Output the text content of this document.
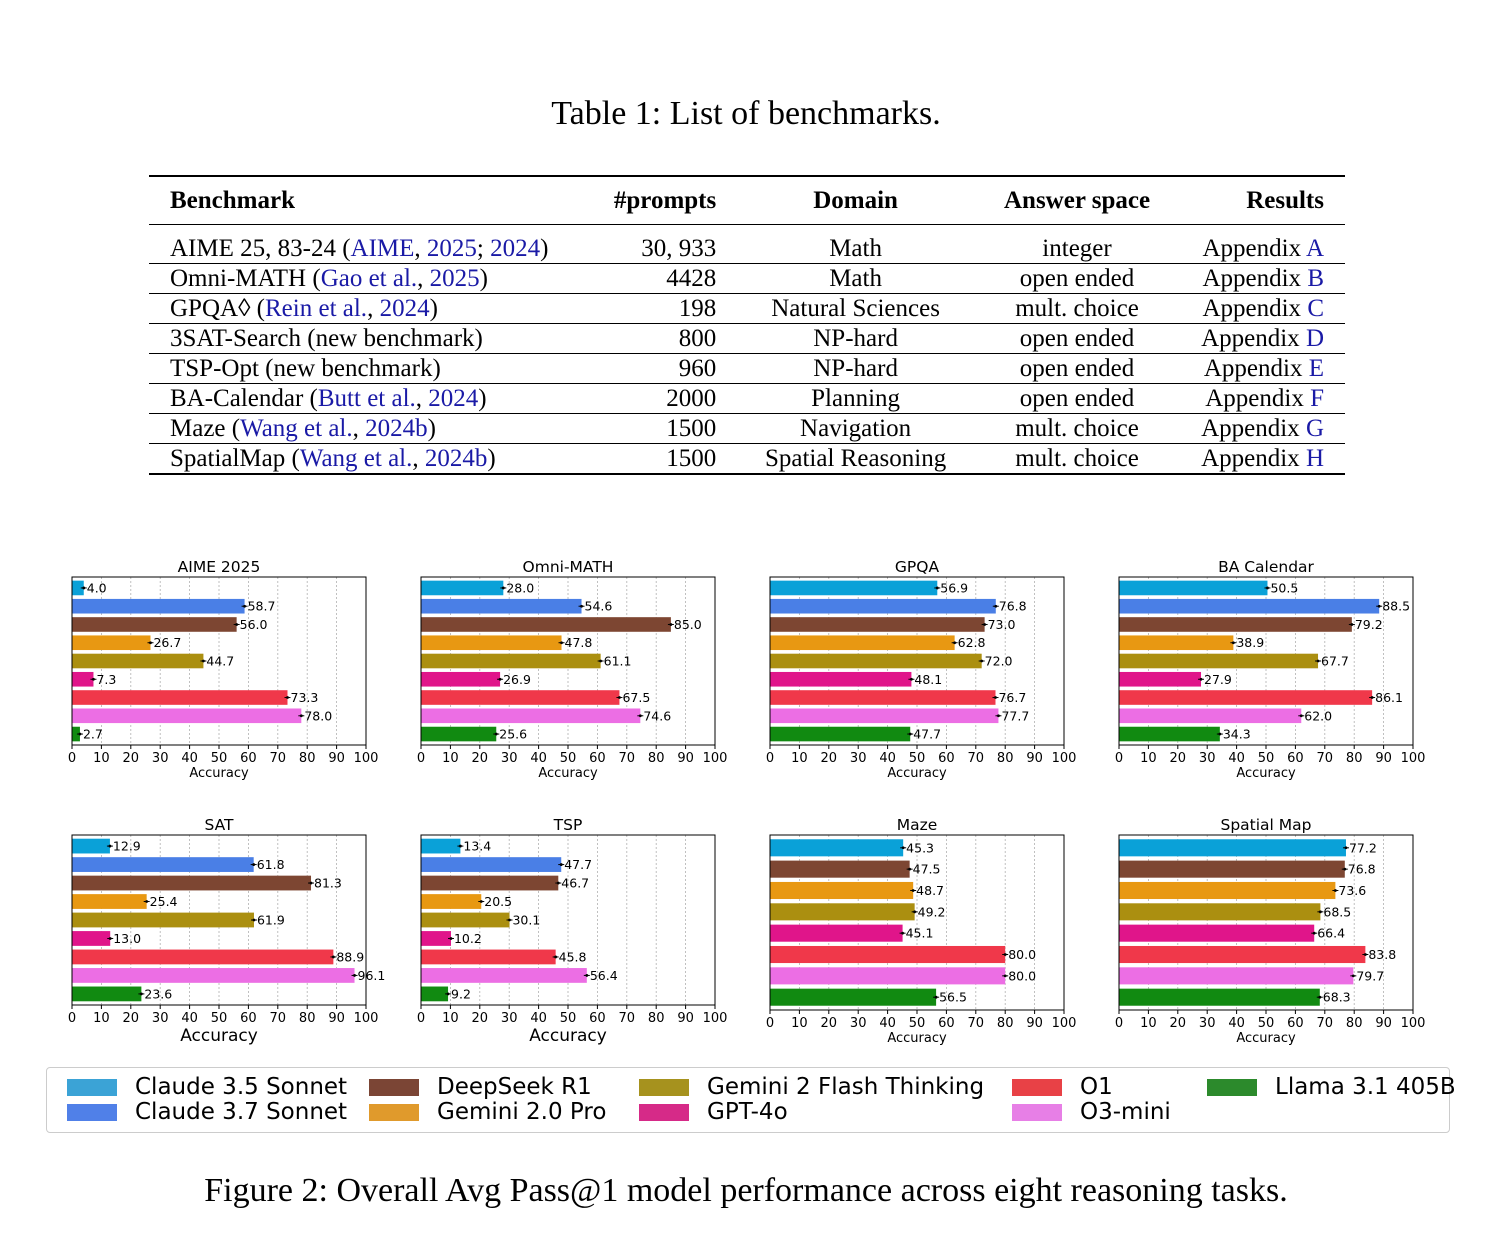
Table 1: List of benchmarks.
Benchmark	#prompts	Domain	Answer space	Results
AIME 25, 83-24 (AIME, 2025; 2024)	30, 933	Math	integer	Appendix A
Omni-MATH (Gao et al., 2025)	4428	Math	open ended	Appendix B
GPQA◊ (Rein et al., 2024)	198	Natural Sciences	mult. choice	Appendix C
3SAT-Search (new benchmark)	800	NP-hard	open ended	Appendix D
TSP-Opt (new benchmark)	960	NP-hard	open ended	Appendix E
BA-Calendar (Butt et al., 2024)	2000	Planning	open ended	Appendix F
Maze (Wang et al., 2024b)	1500	Navigation	mult. choice	Appendix G
SpatialMap (Wang et al., 2024b)	1500	Spatial Reasoning	mult. choice	Appendix H
4.0
58.7
56.0
26.7
44.7
7.3
73.3
78.0
2.7
0 10 20 30 40 50 60 70 80 90 100
AIME 2025
Accuracy
28.0
54.6
85.0
47.8
61.1
26.9
67.5
74.6
25.6
0 10 20 30 40 50 60 70 80 90 100
Omni-MATH
Accuracy
56.9
76.8
73.0
62.8
72.0
48.1
76.7
77.7
47.7
0 10 20 30 40 50 60 70 80 90 100
GPQA
Accuracy
50.5
88.5
79.2
38.9
67.7
27.9
86.1
62.0
34.3
0 10 20 30 40 50 60 70 80 90 100
BA Calendar
Accuracy
12.9
61.8
81.3
25.4
61.9
13.0
88.9
96.1
23.6
0 10 20 30 40 50 60 70 80 90 100
SAT
Accuracy
13.4
47.7
46.7
20.5
30.1
10.2
45.8
56.4
9.2
0 10 20 30 40 50 60 70 80 90 100
TSP
Accuracy
45.3
47.5
48.7
49.2
45.1
80.0
80.0
56.5
0 10 20 30 40 50 60 70 80 90 100
Maze
Accuracy
77.2
76.8
73.6
68.5
66.4
83.8
79.7
68.3
0 10 20 30 40 50 60 70 80 90 100
Spatial Map
Accuracy
Claude 3.5 Sonnet
Claude 3.7 Sonnet
DeepSeek R1
Gemini 2.0 Pro
Gemini 2 Flash Thinking
GPT-4o
O1
O3-mini
Llama 3.1 405B
Figure 2: Overall Avg Pass@1 model performance across eight reasoning tasks.
